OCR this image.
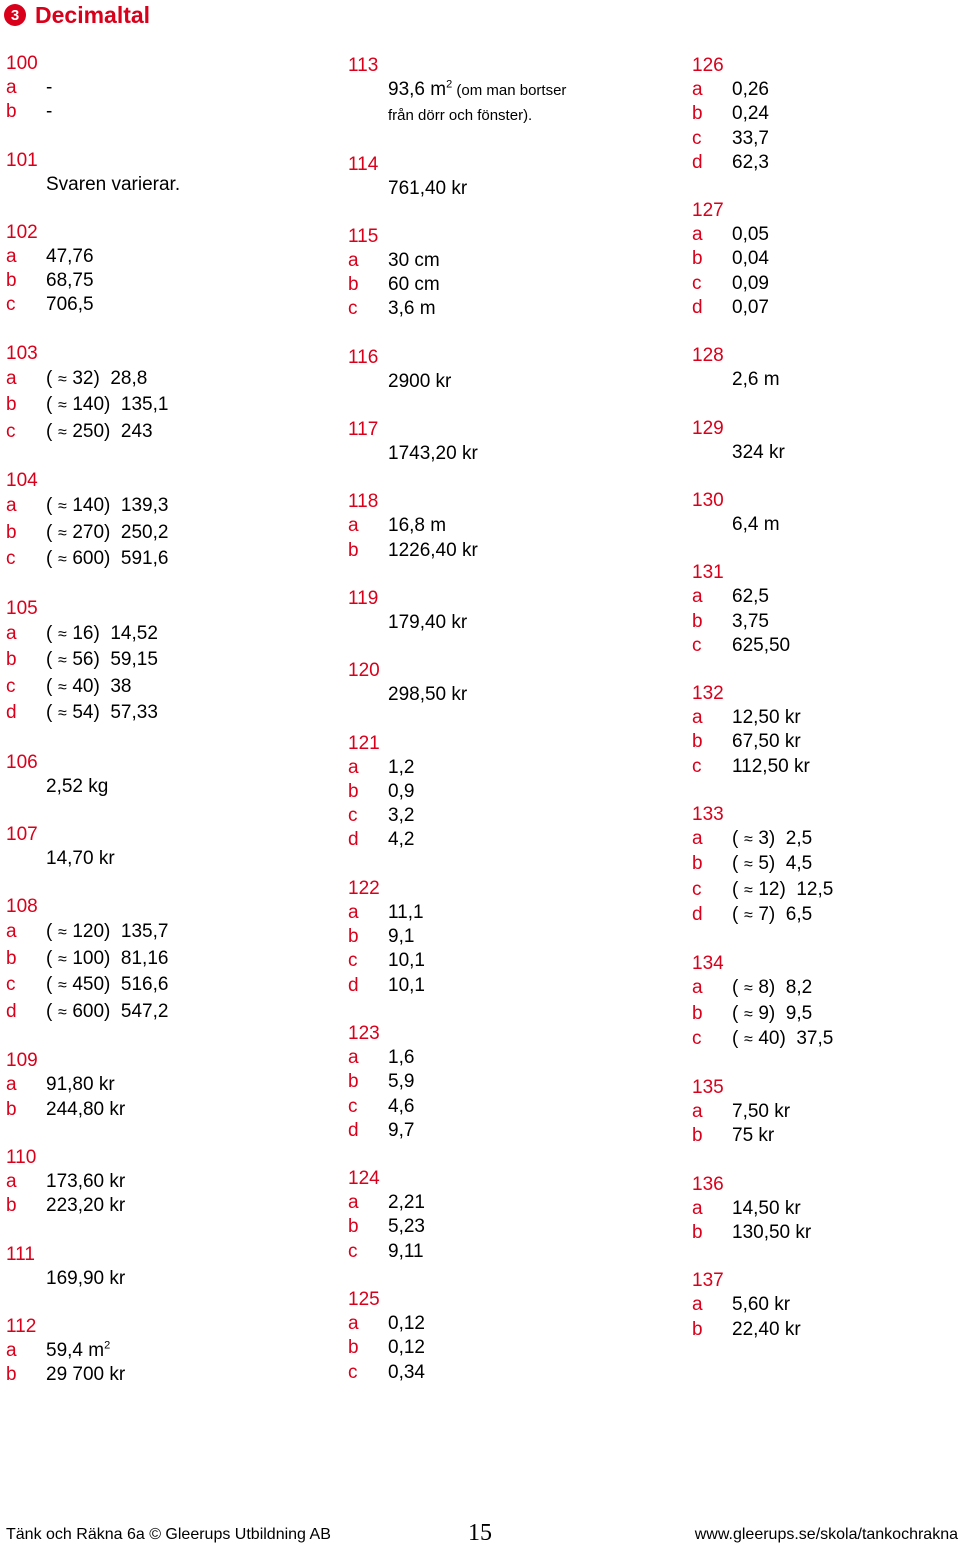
3 Decimaltal
100
a	-
b	-
101
Svaren varierar.
102
a	47,76
b	68,75
c	706,5
103
a	( ≈ 32)  28,8
b	( ≈ 140)  135,1
c	( ≈ 250)  243
104
a	( ≈ 140)  139,3
b	( ≈ 270)  250,2
c	( ≈ 600)  591,6
105
a	( ≈ 16)  14,52
b	( ≈ 56)  59,15
c	( ≈ 40)  38
d	( ≈ 54)  57,33
106
2,52 kg
107
14,70 kr
108
a	( ≈ 120)  135,7
b	( ≈ 100)  81,16
c	( ≈ 450)  516,6
d	( ≈ 600)  547,2
109
a	91,80 kr
b	244,80 kr
110
a	173,60 kr
b	223,20 kr
111
169,90 kr
112
a	59,4 $m^2$
b	29 700 kr
113
93,6 $m^2$ (om man bortser
från dörr och fönster).
114
761,40 kr
115
a	30 cm
b	60 cm
c	3,6 m
116
2900 kr
117
1743,20 kr
118
a	16,8 m
b	1226,40 kr
119
179,40 kr
120
298,50 kr
121
a	1,2
b	0,9
c	3,2
d	4,2
122
a	11,1
b	9,1
c	10,1
d	10,1
123
a	1,6
b	5,9
c	4,6
d	9,7
124
a	2,21
b	5,23
c	9,11
125
a	0,12
b	0,12
c	0,34
126
a	0,26
b	0,24
c	33,7
d	62,3
127
a	0,05
b	0,04
c	0,09
d	0,07
128
2,6 m
129
324 kr
130
6,4 m
131
a	62,5
b	3,75
c	625,50
132
a	12,50 kr
b	67,50 kr
c	112,50 kr
133
a	( ≈ 3)  2,5
b	( ≈ 5)  4,5
c	( ≈ 12)  12,5
d	( ≈ 7)  6,5
134
a	( ≈ 8)  8,2
b	( ≈ 9)  9,5
c	( ≈ 40)  37,5
135
a	7,50 kr
b	75 kr
136
a	14,50 kr
b	130,50 kr
137
a	5,60 kr
b	22,40 kr
Tänk och Räkna 6a © Gleerups Utbildning AB	15	www.gleerups.se/skola/tankochrakna
